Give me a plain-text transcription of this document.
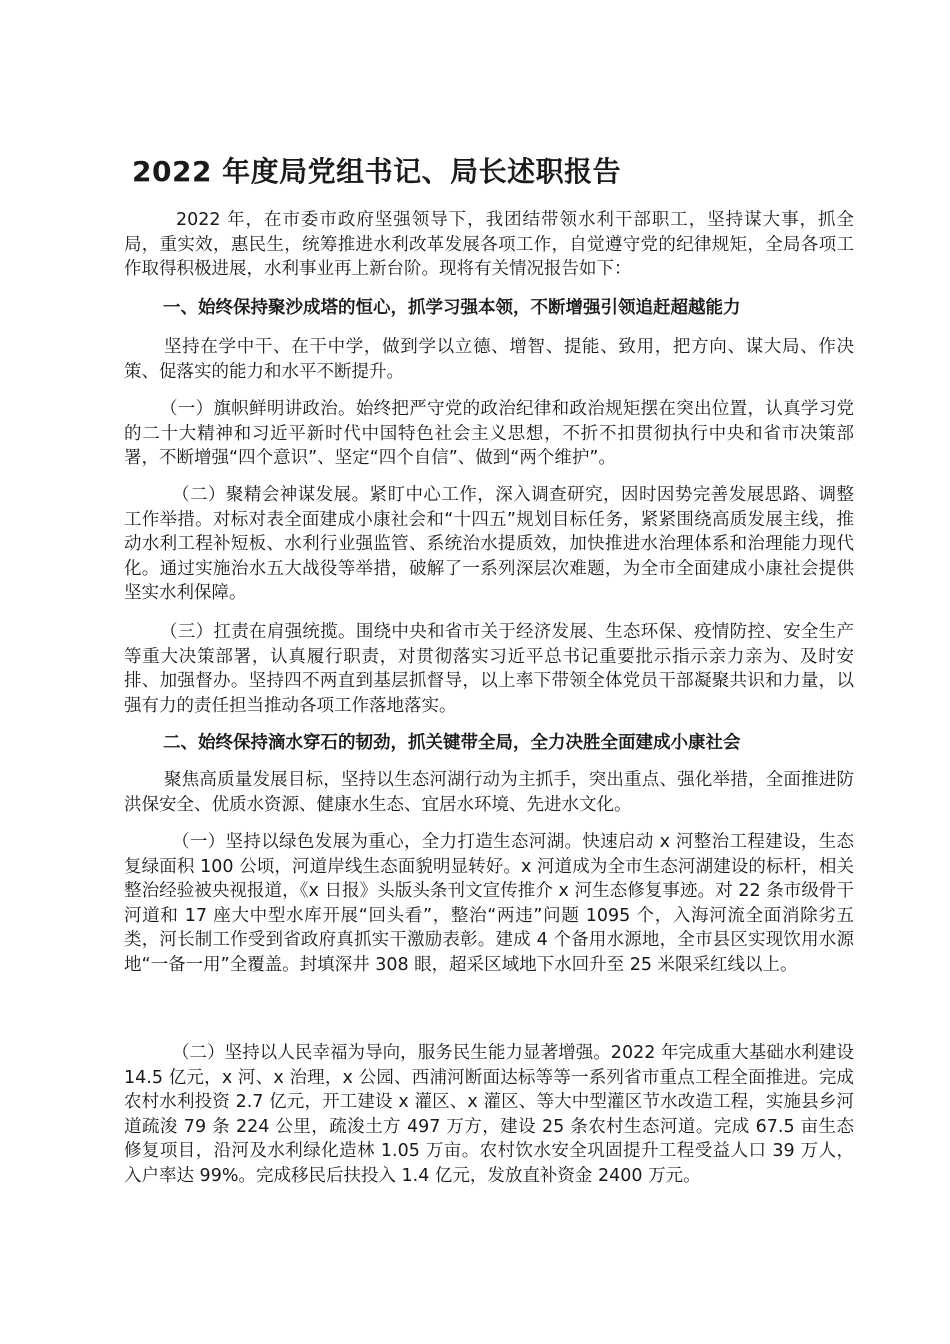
2022 年度局党组书记、局长述职报告

2022 年，在市委市政府坚强领导下，我团结带领水利干部职工，坚持谋大事，抓全局，重实效，惠民生，统筹推进水利改革发展各项工作，自觉遵守党的纪律规矩，全局各项工作取得积极进展，水利事业再上新台阶。现将有关情况报告如下：

一、始终保持聚沙成塔的恒心，抓学习强本领，不断增强引领追赶超越能力

坚持在学中干、在干中学，做到学以立德、增智、提能、致用，把方向、谋大局、作决策、促落实的能力和水平不断提升。

（一）旗帜鲜明讲政治。始终把严守党的政治纪律和政治规矩摆在突出位置，认真学习党的二十大精神和习近平新时代中国特色社会主义思想，不折不扣贯彻执行中央和省市决策部署，不断增强“四个意识”、坚定“四个自信”、做到“两个维护”。

（二）聚精会神谋发展。紧盯中心工作，深入调查研究，因时因势完善发展思路、调整工作举措。对标对表全面建成小康社会和“十四五”规划目标任务，紧紧围绕高质发展主线，推动水利工程补短板、水利行业强监管、系统治水提质效，加快推进水治理体系和治理能力现代化。通过实施治水五大战役等举措，破解了一系列深层次难题，为全市全面建成小康社会提供坚实水利保障。

（三）扛责在肩强统揽。围绕中央和省市关于经济发展、生态环保、疫情防控、安全生产等重大决策部署，认真履行职责，对贯彻落实习近平总书记重要批示指示亲力亲为、及时安排、加强督办。坚持四不两直到基层抓督导，以上率下带领全体党员干部凝聚共识和力量，以强有力的责任担当推动各项工作落地落实。

二、始终保持滴水穿石的韧劲，抓关键带全局，全力决胜全面建成小康社会

聚焦高质量发展目标，坚持以生态河湖行动为主抓手，突出重点、强化举措，全面推进防洪保安全、优质水资源、健康水生态、宜居水环境、先进水文化。

（一）坚持以绿色发展为重心，全力打造生态河湖。快速启动 x 河整治工程建设，生态复绿面积 100 公顷，河道岸线生态面貌明显转好。x 河道成为全市生态河湖建设的标杆，相关整治经验被央视报道，《x 日报》头版头条刊文宣传推介 x 河生态修复事迹。对 22 条市级骨干河道和 17 座大中型水库开展“回头看”，整治“两违”问题 1095 个，入海河流全面消除劣五类，河长制工作受到省政府真抓实干激励表彰。建成 4 个备用水源地，全市县区实现饮用水源地“一备一用”全覆盖。封填深井 308 眼，超采区域地下水回升至 25 米限采红线以上。

（二）坚持以人民幸福为导向，服务民生能力显著增强。2022 年完成重大基础水利建设 14.5 亿元，x 河、x 治理，x 公园、西浦河断面达标等等一系列省市重点工程全面推进。完成农村水利投资 2.7 亿元，开工建设 x 灌区、x 灌区、等大中型灌区节水改造工程，实施县乡河道疏浚 79 条 224 公里，疏浚土方 497 万方，建设 25 条农村生态河道。完成 67.5 亩生态修复项目，沿河及水利绿化造林 1.05 万亩。农村饮水安全巩固提升工程受益人口 39 万人，入户率达 99%。完成移民后扶投入 1.4 亿元，发放直补资金 2400 万元。
